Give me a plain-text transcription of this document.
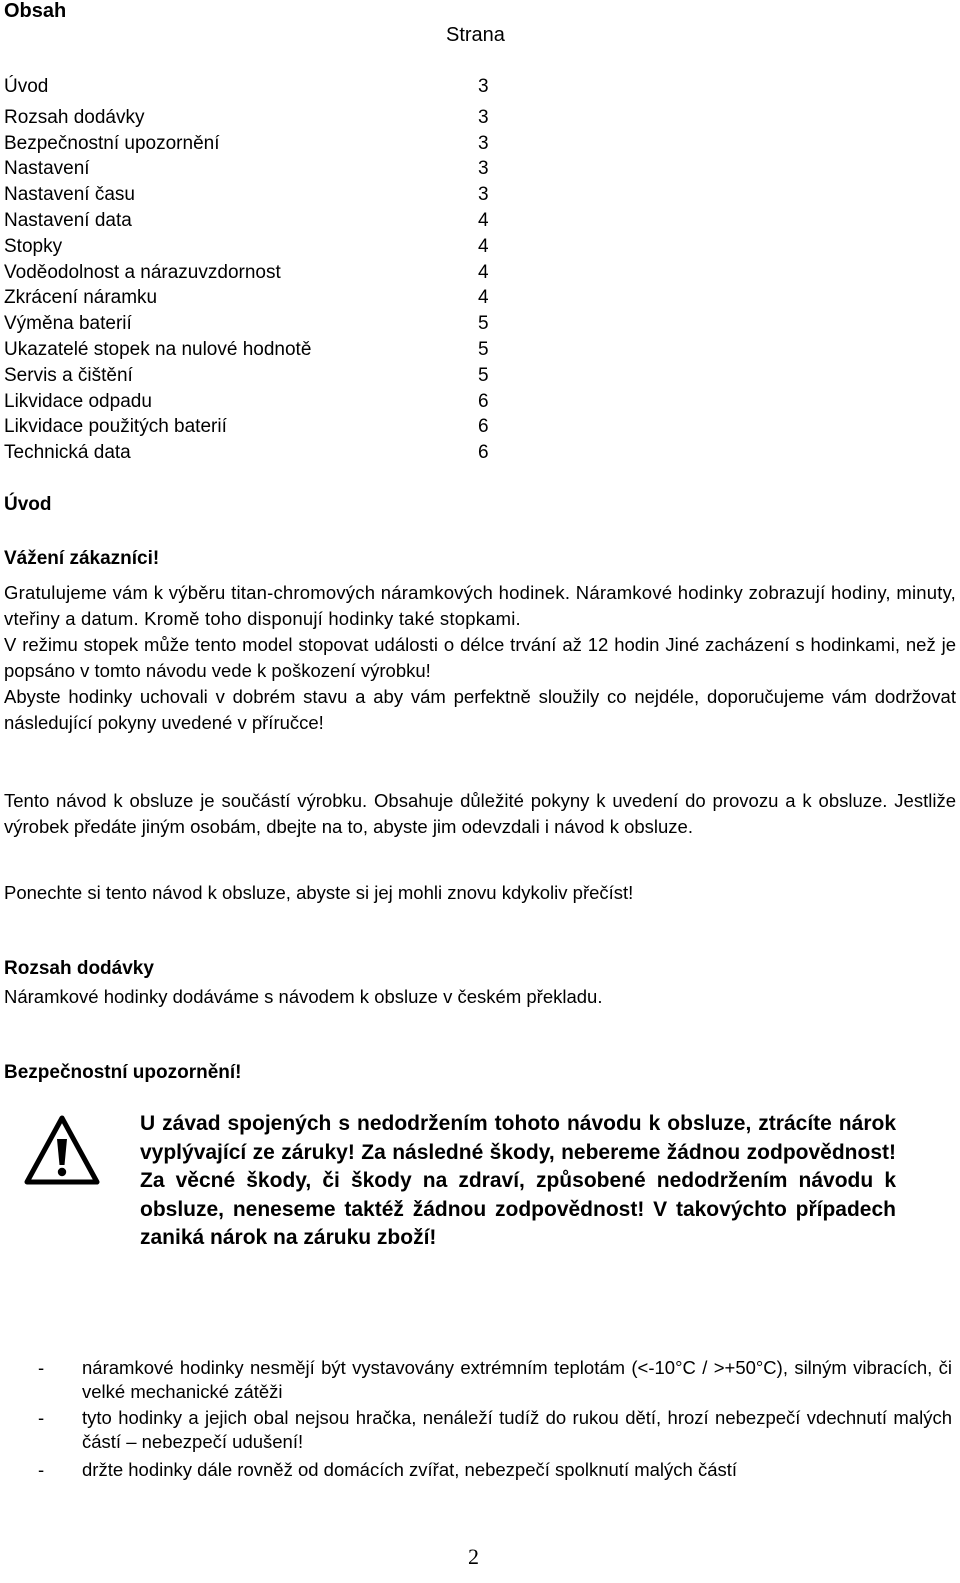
Obsah
Strana
Úvod	3
Rozsah dodávky	3
Bezpečnostní upozornění	3
Nastavení	3
Nastavení času	3
Nastavení data	4
Stopky	4
Voděodolnost a nárazuvzdornost	4
Zkrácení náramku	4
Výměna baterií	5
Ukazatelé stopek na nulové hodnotě	5
Servis a čištění	5
Likvidace odpadu	6
Likvidace použitých baterií	6
Technická data	6
Úvod
Vážení zákazníci!
Gratulujeme vám k výběru titan-chromových náramkových hodinek. Náramkové hodinky zobrazují hodiny, minuty, vteřiny a datum. Kromě toho disponují hodinky také stopkami.
V režimu stopek může tento model stopovat události o délce trvání až 12 hodin Jiné zacházení s hodinkami, než je popsáno v tomto návodu vede k poškození výrobku!
Abyste hodinky uchovali v dobrém stavu a aby vám perfektně sloužily co nejdéle, doporučujeme vám dodržovat následující pokyny uvedené v příručce!
Tento návod k obsluze je součástí výrobku. Obsahuje důležité pokyny k uvedení do provozu a k obsluze. Jestliže výrobek předáte jiným osobám, dbejte na to, abyste jim odevzdali i návod k obsluze.
Ponechte si tento návod k obsluze, abyste si jej mohli znovu kdykoliv přečíst!
Rozsah dodávky
Náramkové hodinky dodáváme s návodem k obsluze v českém překladu.
Bezpečnostní upozornění!
U závad spojených s nedodržením tohoto návodu k obsluze, ztrácíte nárok vyplývající ze záruky! Za následné škody, nebereme žádnou zodpovědnost! Za věcné škody, či škody na zdraví, způsobené nedodržením návodu k obsluze, neneseme taktéž žádnou zodpovědnost! V takovýchto případech zaniká nárok na záruku zboží!
- náramkové hodinky nesmějí být vystavovány extrémním teplotám (<-10°C / >+50°C), silným vibracích, či velké mechanické zátěži
- tyto hodinky a jejich obal nejsou hračka, nenáleží tudíž do rukou dětí, hrozí nebezpečí vdechnutí malých částí – nebezpečí udušení!
- držte hodinky dále rovněž od domácích zvířat, nebezpečí spolknutí malých částí
2
